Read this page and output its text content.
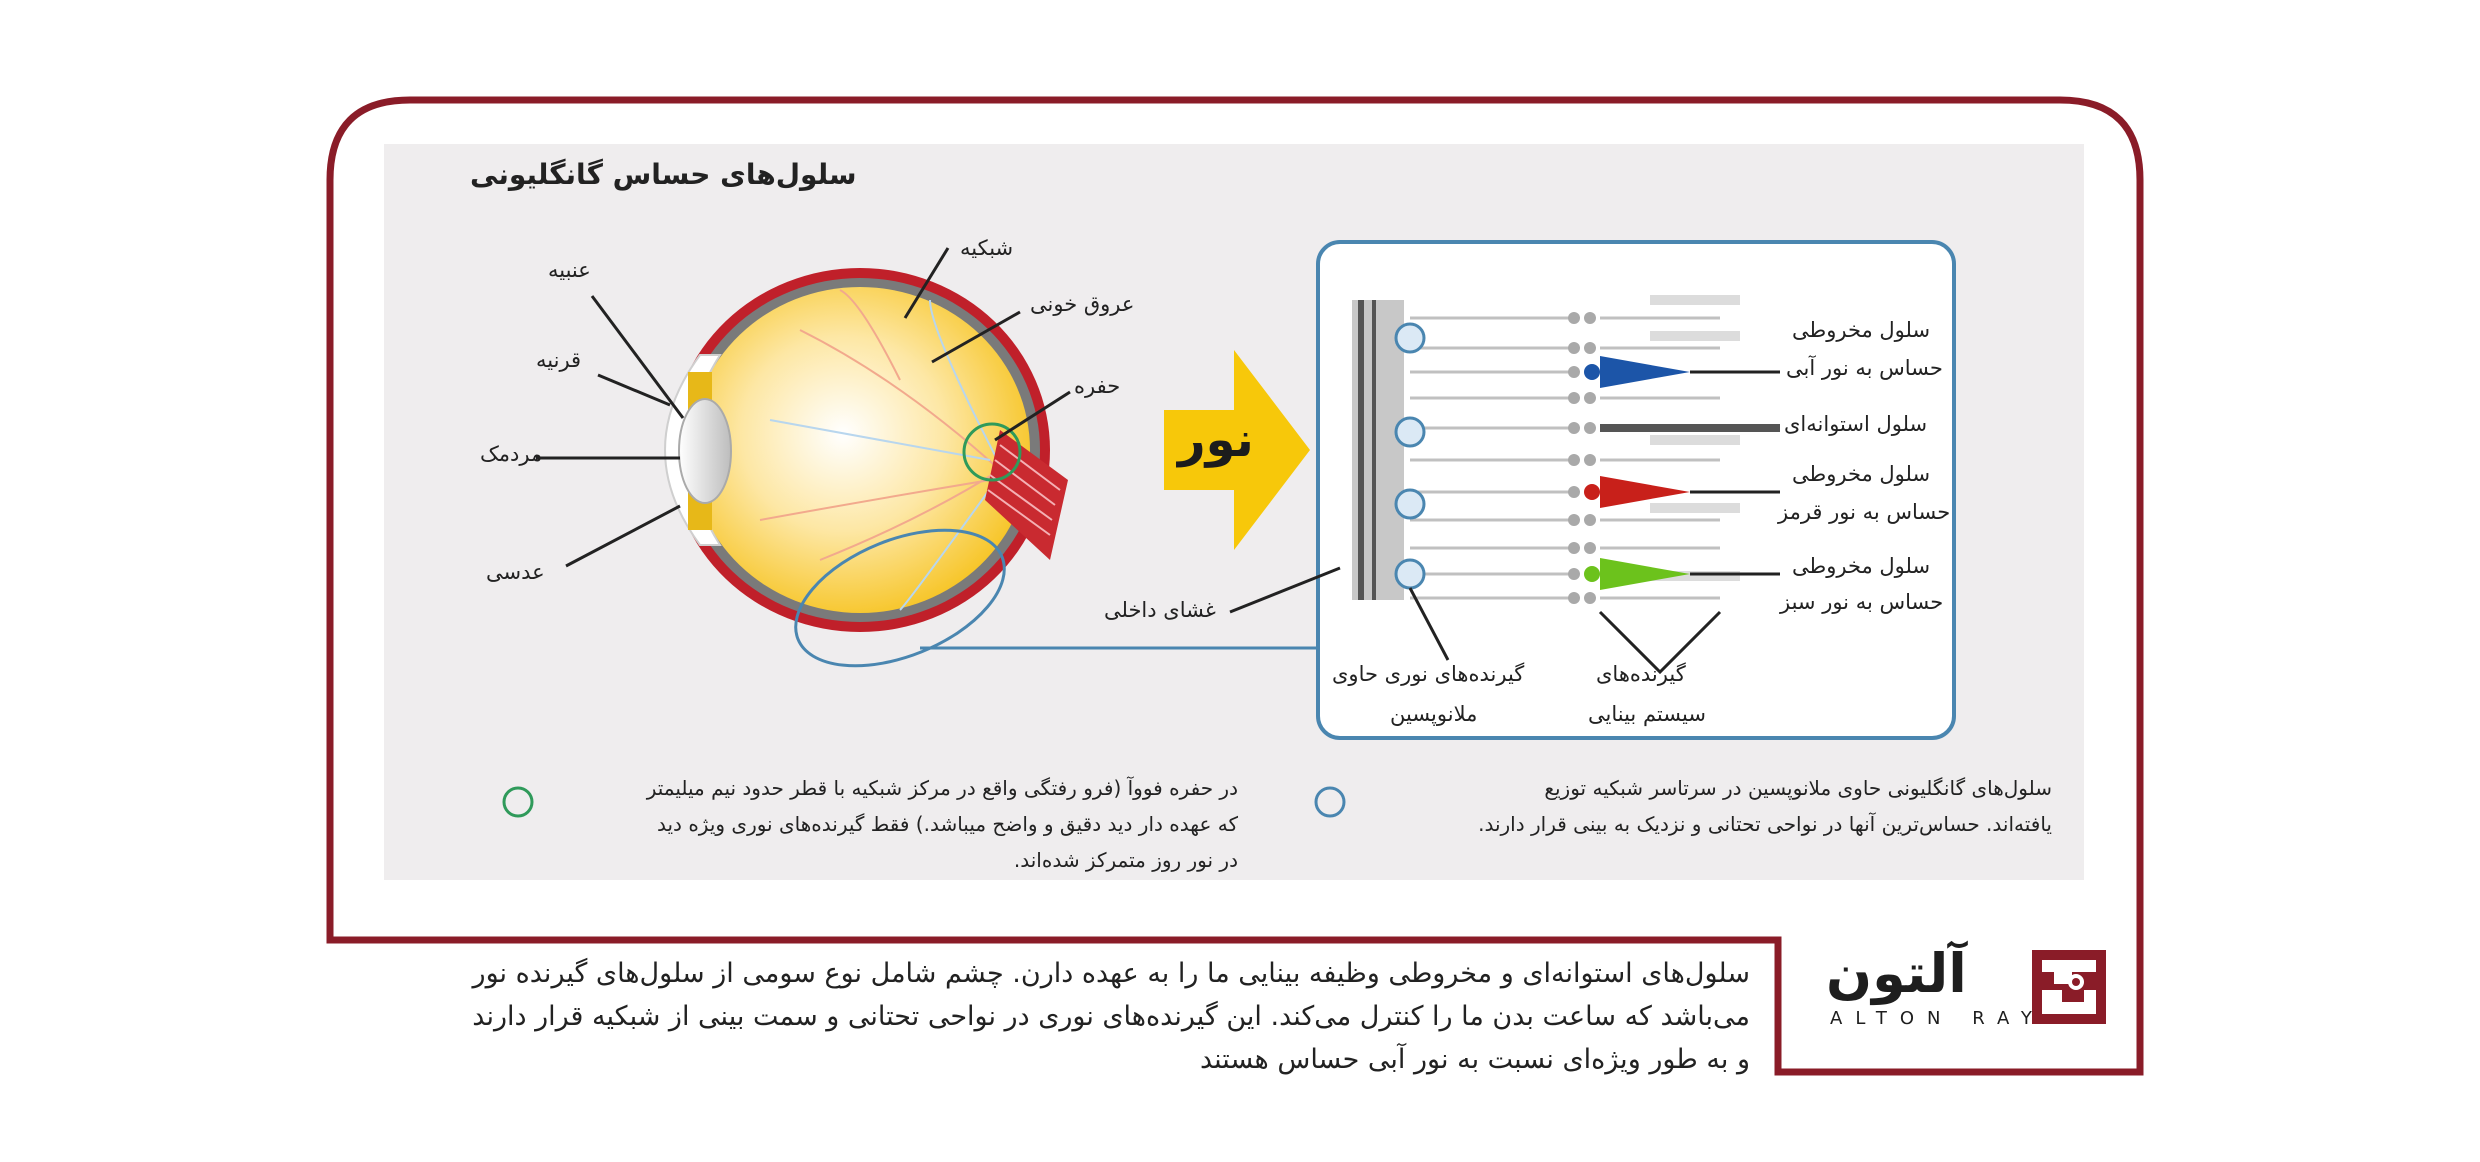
سلول‌های حساس گانگلیونی
شبکیه
عروق خونی
حفره
عنبیه
قرنیه
مردمک
عدسی
غشای داخلی
نور
سلول مخروطی
حساس به نور آبی
سلول استوانه‌ای
سلول مخروطی
حساس به نور قرمز
سلول مخروطی
حساس به نور سبز
گیرنده‌های نوری حاوی
ملانوپسین
گیرنده‌های
سیستم بینایی
سلول‌های گانگلیونی حاوی ملانوپسین در سرتاسر شبکیه توزیع
یافته‌اند. حساس‌ترین آنها در نواحی تحتانی و نزدیک به بینی قرار دارند.
در حفره فووآ (فرو رفتگی واقع در مرکز شبکیه با قطر حدود نیم میلیمتر
که عهده دار دید دقیق و واضح میباشد.) فقط گیرنده‌های نوری ویژه دید
در نور روز متمرکز شده‌اند.
سلول‌های استوانه‌ای و مخروطی وظیفه بینایی ما را به عهده دارن. چشم شامل نوع سومی از سلول‌های گیرنده نور
می‌باشد که ساعت بدن ما را کنترل می‌کند. این گیرنده‌های نوری در نواحی تحتانی و سمت بینی از شبکیه قرار دارند
و به طور ویژه‌ای نسبت به نور آبی حساس هستند
آلتون
ALTON RAY
